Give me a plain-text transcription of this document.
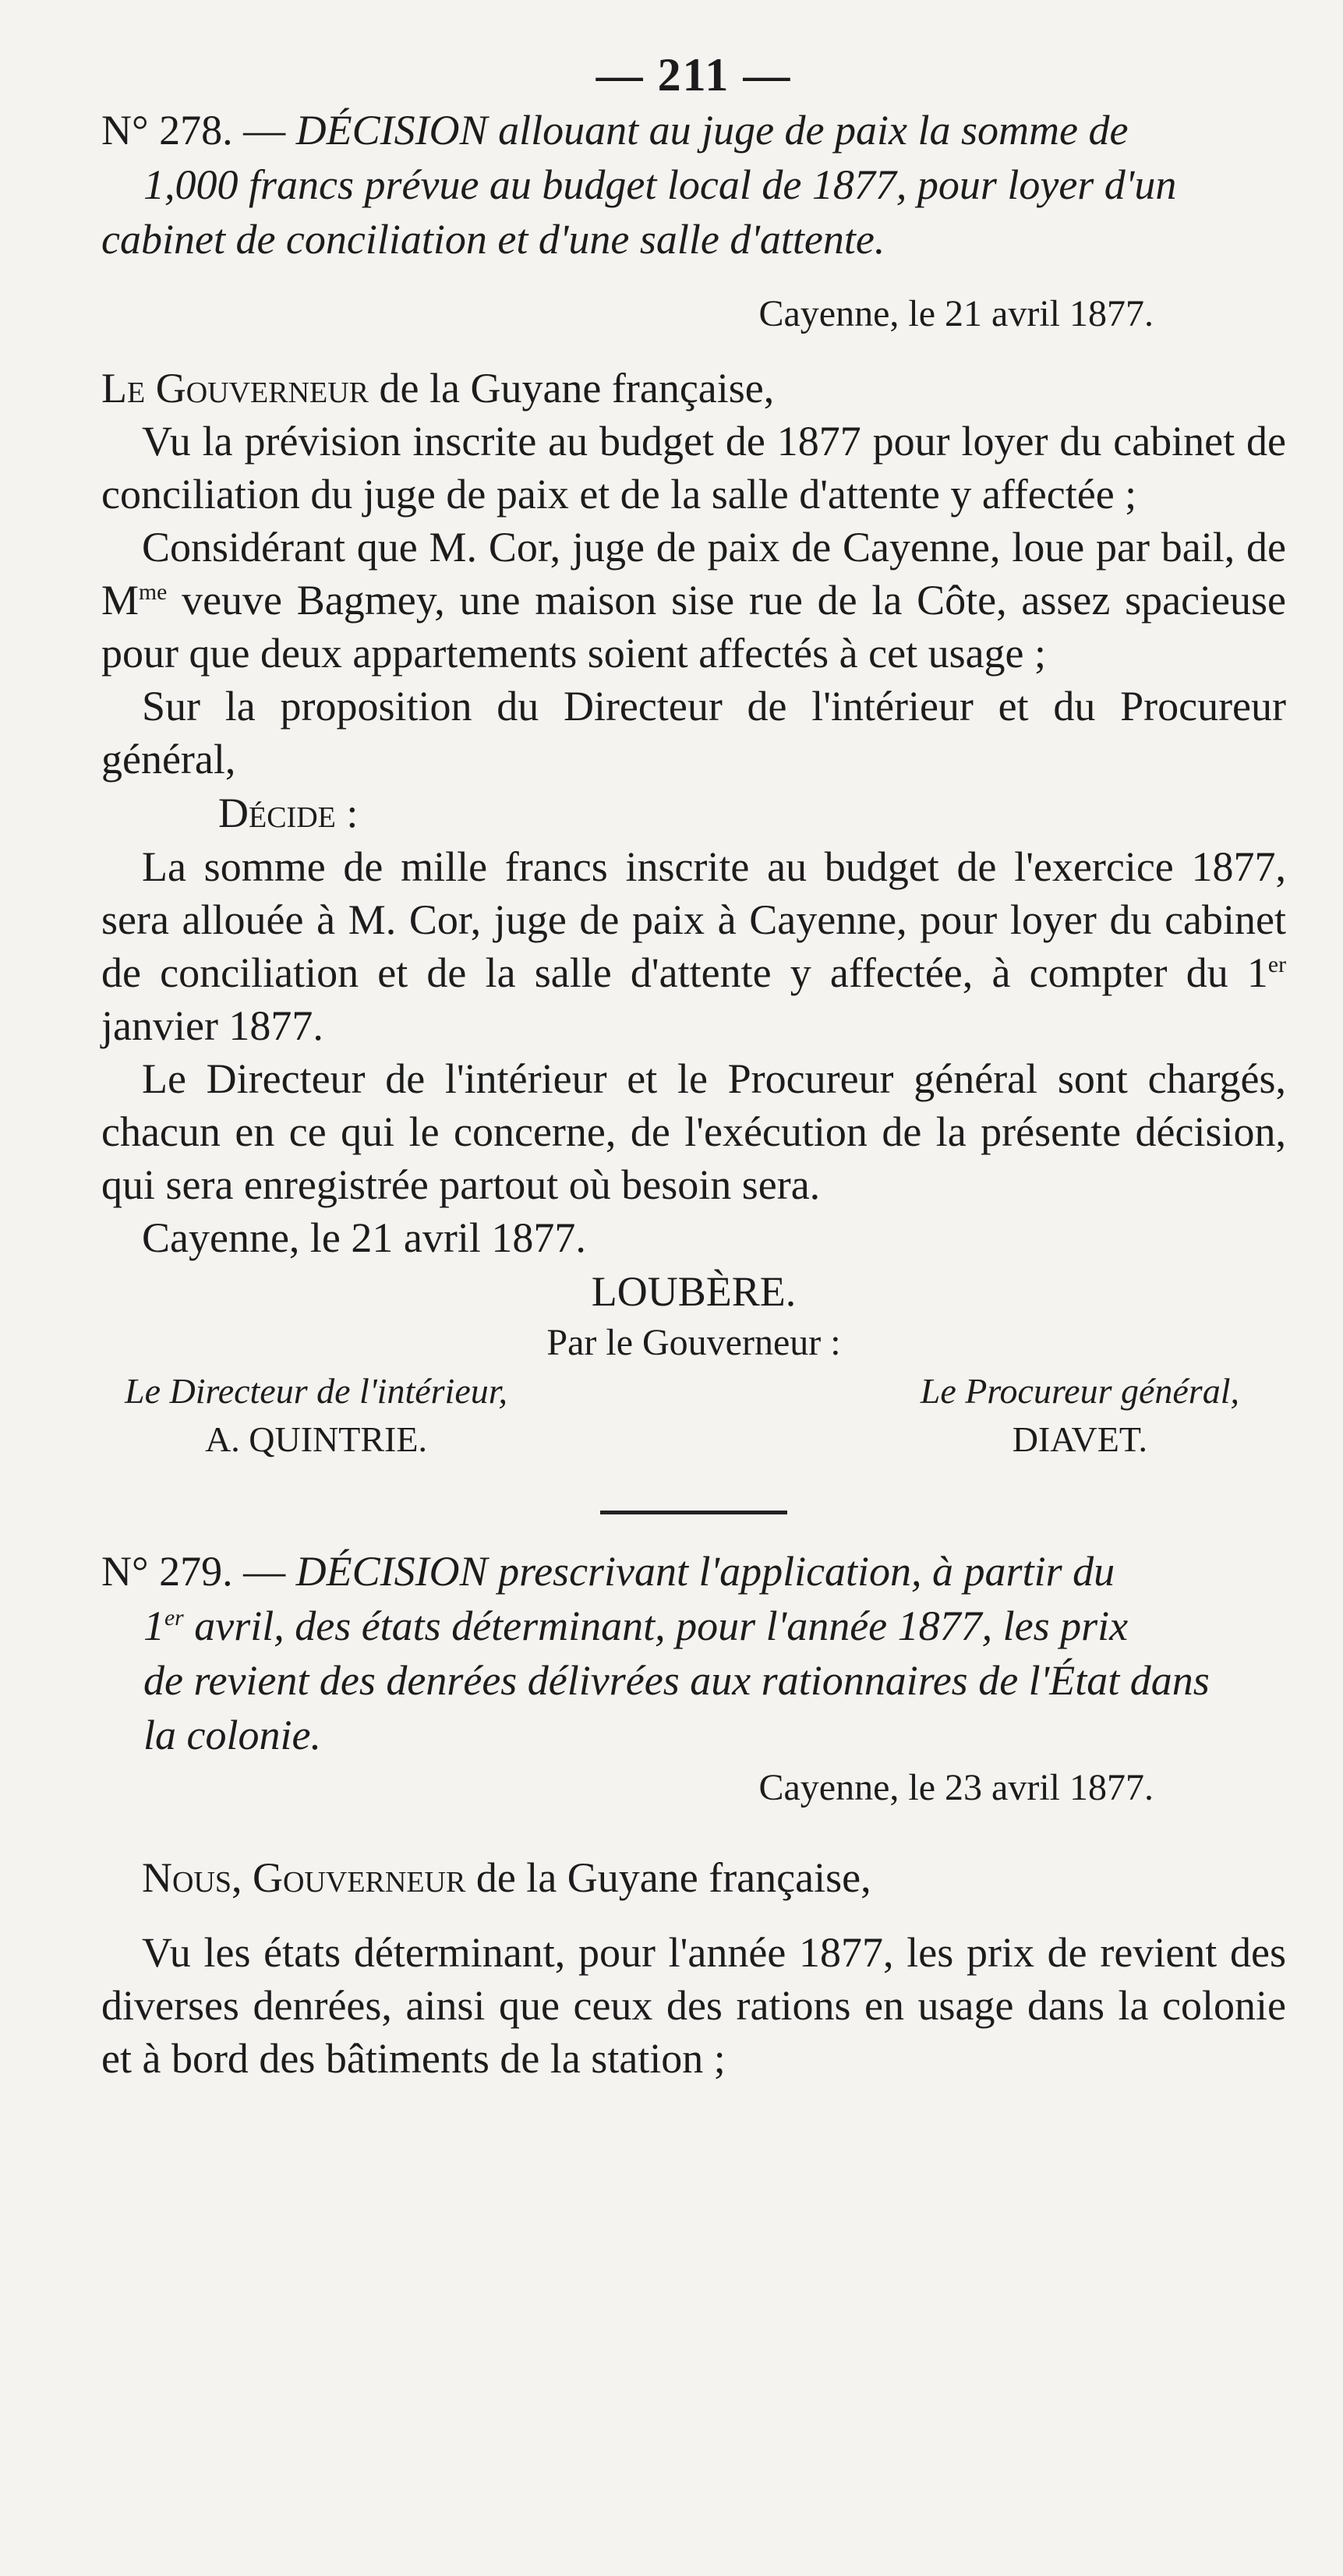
— 211 —

N° 278. — DÉCISION allouant au juge de paix la somme de

1,000 francs prévue au budget local de 1877, pour loyer d'un

cabinet de conciliation et d'une salle d'attente.

Cayenne, le 21 avril 1877.

Le Gouverneur de la Guyane française,

Vu la prévision inscrite au budget de 1877 pour loyer du cabinet de conciliation du juge de paix et de la salle d'attente y affectée ;

Considérant que M. Cor, juge de paix de Cayenne, loue par bail, de $M^{me}$ veuve Bagmey, une maison sise rue de la Côte, assez spacieuse pour que deux appartements soient affectés à cet usage ;

Sur la proposition du Directeur de l'intérieur et du Procureur général,

Décide :

La somme de mille francs inscrite au budget de l'exercice 1877, sera allouée à M. Cor, juge de paix à Cayenne, pour loyer du cabinet de conciliation et de la salle d'attente y affectée, à compter du 1er janvier 1877.

Le Directeur de l'intérieur et le Procureur général sont chargés, chacun en ce qui le concerne, de l'exécution de la présente décision, qui sera enregistrée partout où besoin sera.

Cayenne, le 21 avril 1877.

LOUBÈRE.

Par le Gouverneur :

Le Directeur de l'intérieur,
A. QUINTRIE.
Le Procureur général,
DIAVET.

N° 279. — DÉCISION prescrivant l'application, à partir du

1er avril, des états déterminant, pour l'année 1877, les prix

de revient des denrées délivrées aux rationnaires de l'État dans

la colonie.

Cayenne, le 23 avril 1877.

Nous, Gouverneur de la Guyane française,

Vu les états déterminant, pour l'année 1877, les prix de revient des diverses denrées, ainsi que ceux des rations en usage dans la colonie et à bord des bâtiments de la station ;
